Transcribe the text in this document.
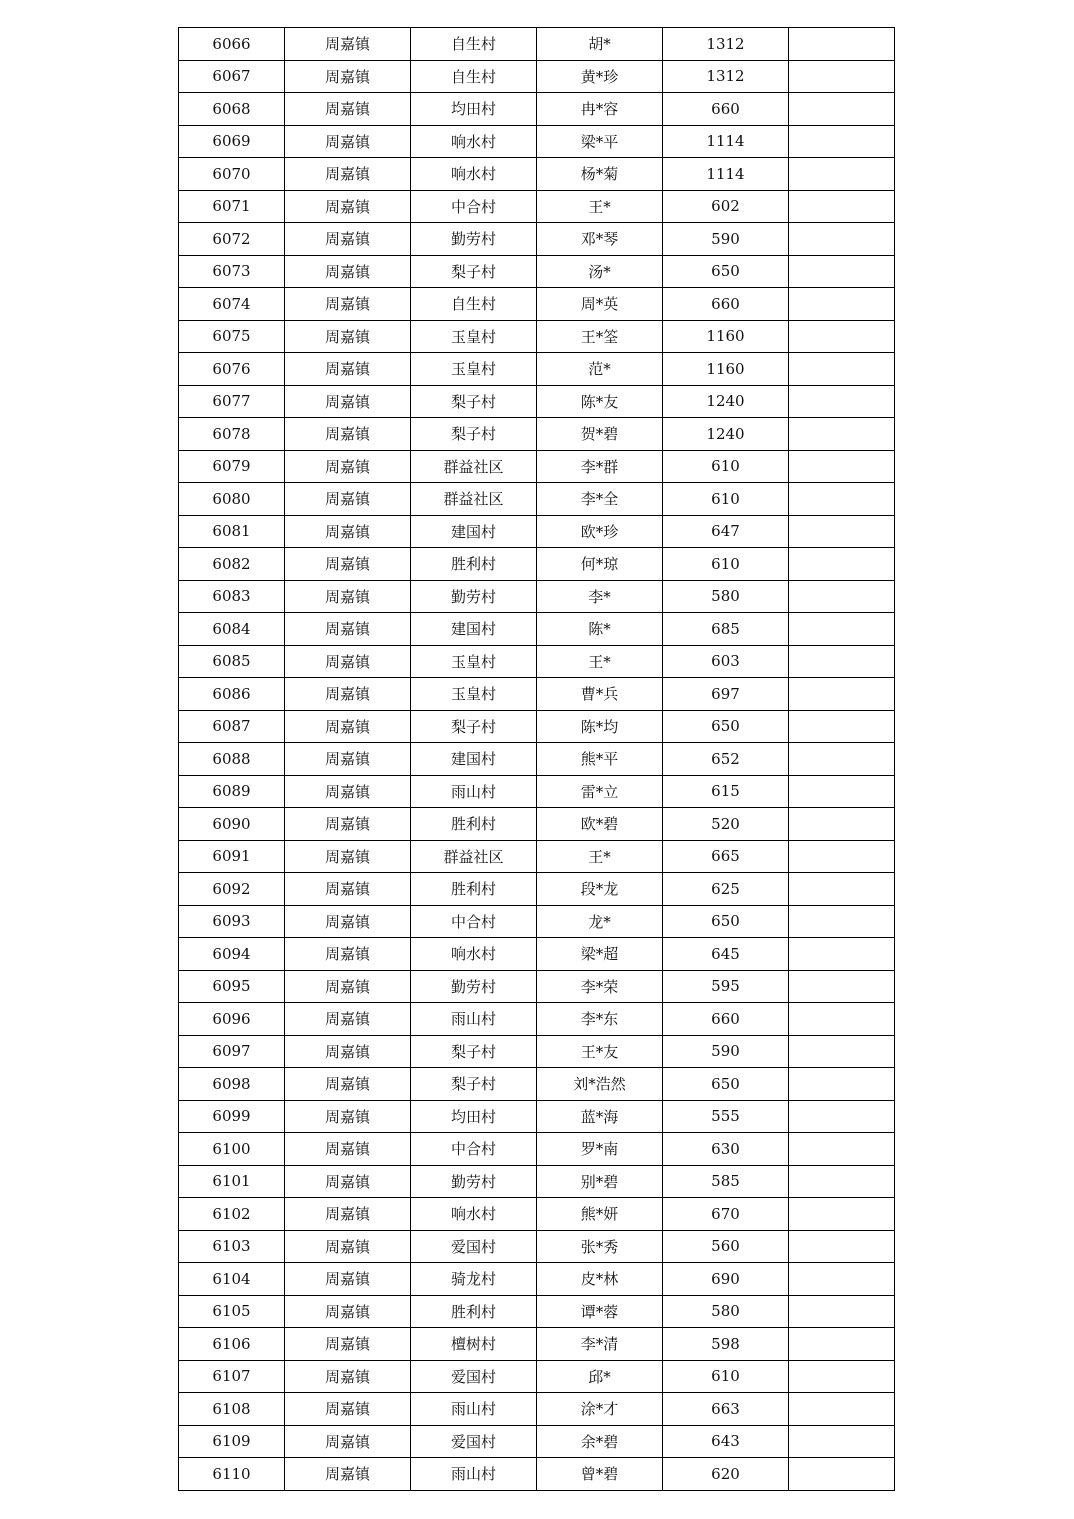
6066	周嘉镇	自生村	胡*	1312	
6067	周嘉镇	自生村	黄*珍	1312	
6068	周嘉镇	均田村	冉*容	660	
6069	周嘉镇	响水村	梁*平	1114	
6070	周嘉镇	响水村	杨*菊	1114	
6071	周嘉镇	中合村	王*	602	
6072	周嘉镇	勤劳村	邓*琴	590	
6073	周嘉镇	梨子村	汤*	650	
6074	周嘉镇	自生村	周*英	660	
6075	周嘉镇	玉皇村	王*筌	1160	
6076	周嘉镇	玉皇村	范*	1160	
6077	周嘉镇	梨子村	陈*友	1240	
6078	周嘉镇	梨子村	贺*碧	1240	
6079	周嘉镇	群益社区	李*群	610	
6080	周嘉镇	群益社区	李*全	610	
6081	周嘉镇	建国村	欧*珍	647	
6082	周嘉镇	胜利村	何*琼	610	
6083	周嘉镇	勤劳村	李*	580	
6084	周嘉镇	建国村	陈*	685	
6085	周嘉镇	玉皇村	王*	603	
6086	周嘉镇	玉皇村	曹*兵	697	
6087	周嘉镇	梨子村	陈*均	650	
6088	周嘉镇	建国村	熊*平	652	
6089	周嘉镇	雨山村	雷*立	615	
6090	周嘉镇	胜利村	欧*碧	520	
6091	周嘉镇	群益社区	王*	665	
6092	周嘉镇	胜利村	段*龙	625	
6093	周嘉镇	中合村	龙*	650	
6094	周嘉镇	响水村	梁*超	645	
6095	周嘉镇	勤劳村	李*荣	595	
6096	周嘉镇	雨山村	李*东	660	
6097	周嘉镇	梨子村	王*友	590	
6098	周嘉镇	梨子村	刘*浩然	650	
6099	周嘉镇	均田村	蓝*海	555	
6100	周嘉镇	中合村	罗*南	630	
6101	周嘉镇	勤劳村	别*碧	585	
6102	周嘉镇	响水村	熊*妍	670	
6103	周嘉镇	爱国村	张*秀	560	
6104	周嘉镇	骑龙村	皮*林	690	
6105	周嘉镇	胜利村	谭*蓉	580	
6106	周嘉镇	檀树村	李*清	598	
6107	周嘉镇	爱国村	邱*	610	
6108	周嘉镇	雨山村	涂*才	663	
6109	周嘉镇	爱国村	余*碧	643	
6110	周嘉镇	雨山村	曾*碧	620	
